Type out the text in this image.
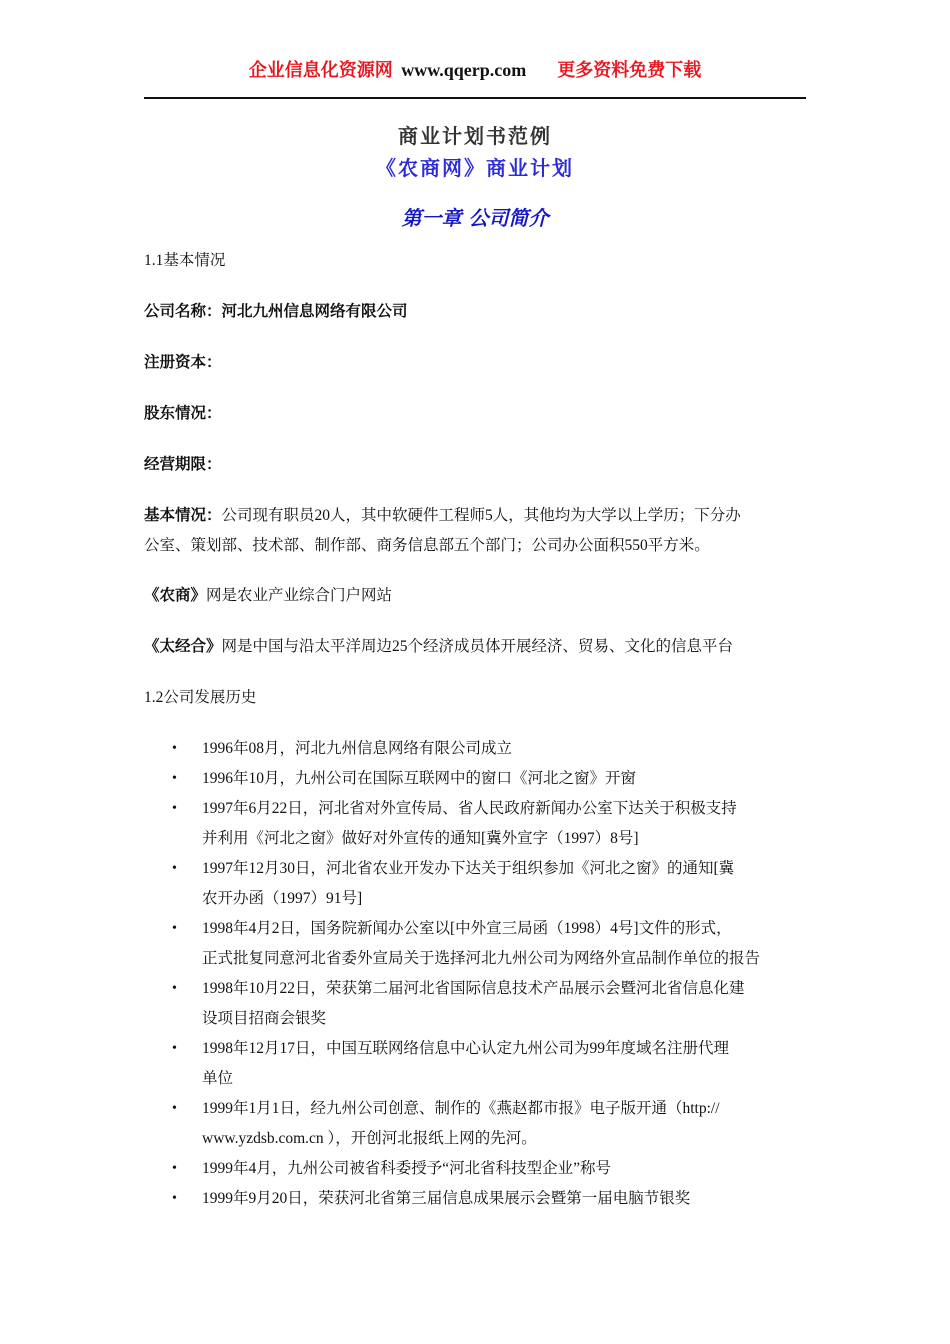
企业信息化资源网 www.qqerp.com 更多资料免费下载
商业计划书范例
《农商网》商业计划
第一章 公司简介
1.1基本情况
公司名称：河北九州信息网络有限公司
注册资本：
股东情况：
经营期限：
基本情况：公司现有职员20人，其中软硬件工程师5人，其他均为大学以上学历；下分办
公室、策划部、技术部、制作部、商务信息部五个部门；公司办公面积550平方米。
《农商》网是农业产业综合门户网站
《太经合》网是中国与沿太平洋周边25个经济成员体开展经济、贸易、文化的信息平台
1.2公司发展历史
• 1996年08月，河北九州信息网络有限公司成立
• 1996年10月，九州公司在国际互联网中的窗口《河北之窗》开窗
• 1997年6月22日，河北省对外宣传局、省人民政府新闻办公室下达关于积极支持
并利用《河北之窗》做好对外宣传的通知[冀外宣字（1997）8号]
• 1997年12月30日，河北省农业开发办下达关于组织参加《河北之窗》的通知[冀
农开办函（1997）91号]
• 1998年4月2日，国务院新闻办公室以[中外宣三局函（1998）4号]文件的形式，
正式批复同意河北省委外宣局关于选择河北九州公司为网络外宣品制作单位的报告
• 1998年10月22日，荣获第二届河北省国际信息技术产品展示会暨河北省信息化建
设项目招商会银奖
• 1998年12月17日，中国互联网络信息中心认定九州公司为99年度域名注册代理
单位
• 1999年1月1日，经九州公司创意、制作的《燕赵都市报》电子版开通（http://
www.yzdsb.com.cn ），开创河北报纸上网的先河。
• 1999年4月，九州公司被省科委授予“河北省科技型企业”称号
• 1999年9月20日，荣获河北省第三届信息成果展示会暨第一届电脑节银奖
